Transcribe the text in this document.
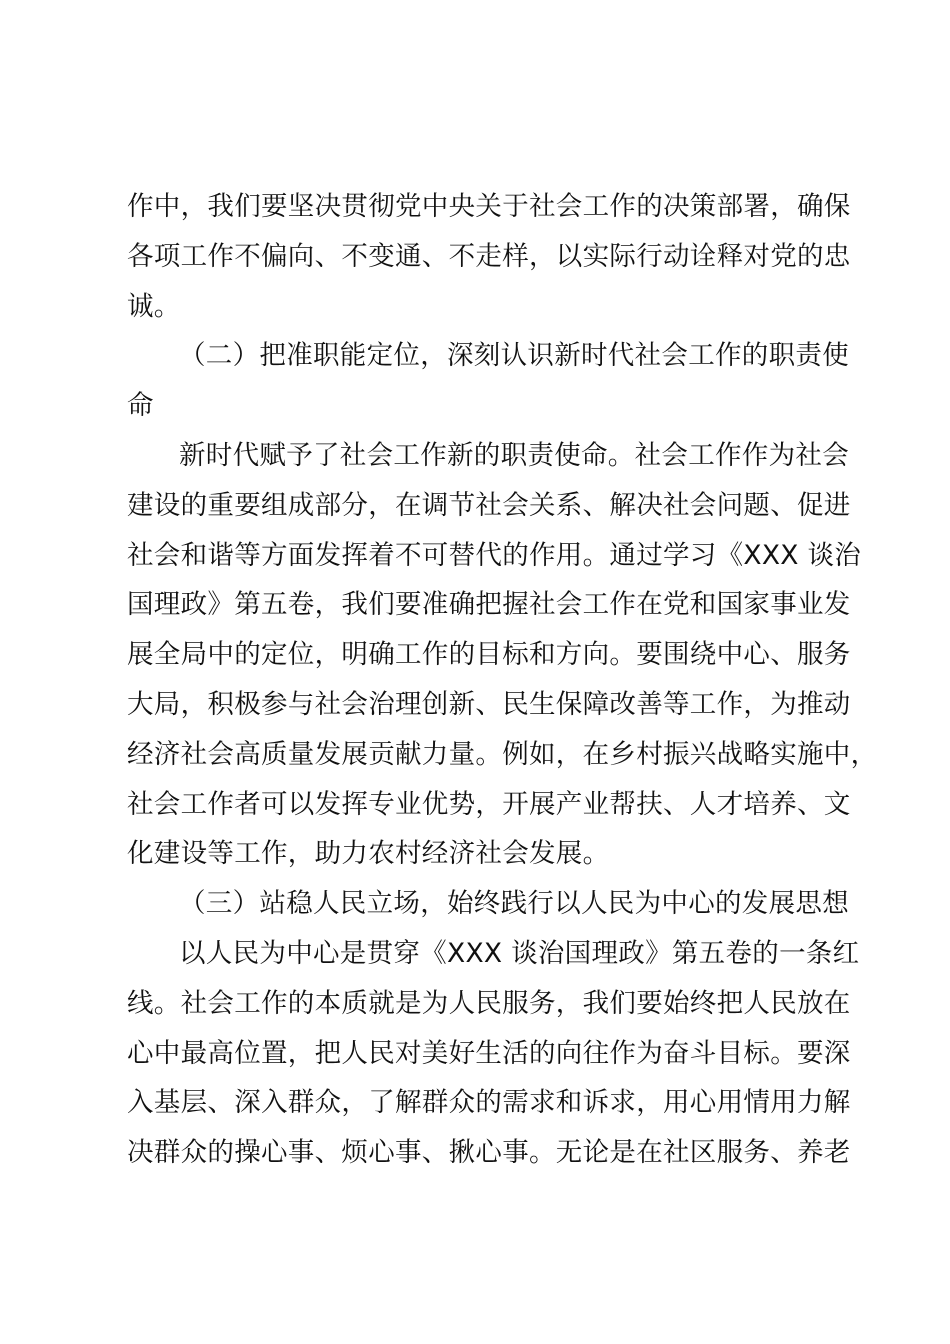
作中，我们要坚决贯彻党中央关于社会工作的决策部署，确保
各项工作不偏向、不变通、不走样，以实际行动诠释对党的忠
诚。
（二）把准职能定位，深刻认识新时代社会工作的职责使
命
新时代赋予了社会工作新的职责使命。社会工作作为社会
建设的重要组成部分，在调节社会关系、解决社会问题、促进
社会和谐等方面发挥着不可替代的作用。通过学习《XXX 谈治
国理政》第五卷，我们要准确把握社会工作在党和国家事业发
展全局中的定位，明确工作的目标和方向。要围绕中心、服务
大局，积极参与社会治理创新、民生保障改善等工作，为推动
经济社会高质量发展贡献力量。例如，在乡村振兴战略实施中，
社会工作者可以发挥专业优势，开展产业帮扶、人才培养、文
化建设等工作，助力农村经济社会发展。
（三）站稳人民立场，始终践行以人民为中心的发展思想
以人民为中心是贯穿《XXX 谈治国理政》第五卷的一条红
线。社会工作的本质就是为人民服务，我们要始终把人民放在
心中最高位置，把人民对美好生活的向往作为奋斗目标。要深
入基层、深入群众，了解群众的需求和诉求，用心用情用力解
决群众的操心事、烦心事、揪心事。无论是在社区服务、养老
